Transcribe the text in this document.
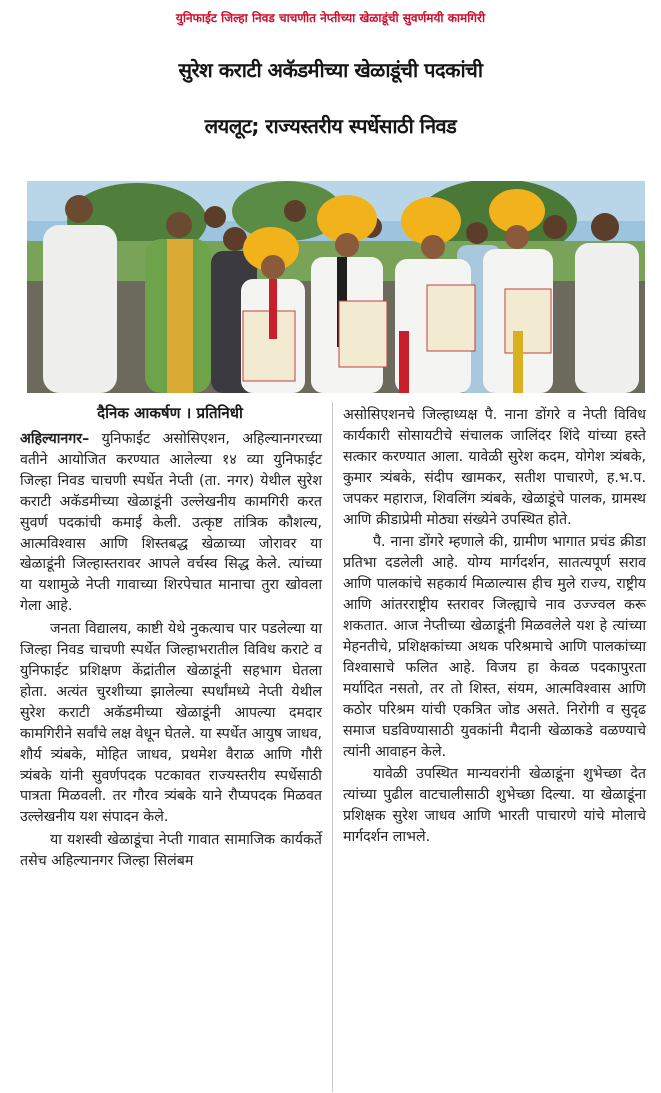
युनिफाईट जिल्हा निवड चाचणीत नेप्तीच्या खेळाडूंची सुवर्णमयी कामगिरी
सुरेश कराटी अकॅडमीच्या खेळाडूंची पदकांची
लयलूट; राज्यस्तरीय स्पर्धेसाठी निवड
दैनिक आकर्षण । प्रतिनिधी

अहिल्यानगर– युनिफाईट असोसिएशन, अहिल्यानगरच्या वतीने आयोजित करण्यात आलेल्या १४ व्या युनिफाईट जिल्हा निवड चाचणी स्पर्धेत नेप्ती (ता. नगर) येथील सुरेश कराटी अकॅडमीच्या खेळाडूंनी उल्लेखनीय कामगिरी करत सुवर्ण पदकांची कमाई केली. उत्कृष्ट तांत्रिक कौशल्य, आत्मविश्वास आणि शिस्तबद्ध खेळाच्या जोरावर या खेळाडूंनी जिल्हास्तरावर आपले वर्चस्व सिद्ध केले. त्यांच्या या यशामुळे नेप्ती गावाच्या शिरपेचात मानाचा तुरा खोवला गेला आहे.

जनता विद्यालय, काष्टी येथे नुकत्याच पार पडलेल्या या जिल्हा निवड चाचणी स्पर्धेत जिल्हाभरातील विविध कराटे व युनिफाईट प्रशिक्षण केंद्रांतील खेळाडूंनी सहभाग घेतला होता. अत्यंत चुरशीच्या झालेल्या स्पर्धांमध्ये नेप्ती येथील सुरेश कराटी अकॅडमीच्या खेळाडूंनी आपल्या दमदार कामगिरीने सर्वांचे लक्ष वेधून घेतले. या स्पर्धेत आयुष जाधव, शौर्य त्र्यंबके, मोहित जाधव, प्रथमेश वैराळ आणि गौरी त्र्यंबके यांनी सुवर्णपदक पटकावत राज्यस्तरीय स्पर्धेसाठी पात्रता मिळवली. तर गौरव त्र्यंबके याने रौप्यपदक मिळवत उल्लेखनीय यश संपादन केले.

या यशस्वी खेळाडूंचा नेप्ती गावात सामाजिक कार्यकर्ते तसेच अहिल्यानगर जिल्हा सिलंबम

असोसिएशनचे जिल्हाध्यक्ष पै. नाना डोंगरे व नेप्ती विविध कार्यकारी सोसायटीचे संचालक जालिंदर शिंदे यांच्या हस्ते सत्कार करण्यात आला. यावेळी सुरेश कदम, योगेश त्र्यंबके, कुमार त्र्यंबके, संदीप खामकर, सतीश पाचारणे, ह.भ.प. जपकर महाराज, शिवलिंग त्र्यंबके, खेळाडूंचे पालक, ग्रामस्थ आणि क्रीडाप्रेमी मोठ्या संख्येने उपस्थित होते.

पै. नाना डोंगरे म्हणाले की, ग्रामीण भागात प्रचंड क्रीडा प्रतिभा दडलेली आहे. योग्य मार्गदर्शन, सातत्यपूर्ण सराव आणि पालकांचे सहकार्य मिळाल्यास हीच मुले राज्य, राष्ट्रीय आणि आंतरराष्ट्रीय स्तरावर जिल्ह्याचे नाव उज्ज्वल करू शकतात. आज नेप्तीच्या खेळाडूंनी मिळवलेले यश हे त्यांच्या मेहनतीचे, प्रशिक्षकांच्या अथक परिश्रमाचे आणि पालकांच्या विश्वासाचे फलित आहे. विजय हा केवळ पदकापुरता मर्यादित नसतो, तर तो शिस्त, संयम, आत्मविश्वास आणि कठोर परिश्रम यांची एकत्रित जोड असते. निरोगी व सुदृढ समाज घडविण्यासाठी युवकांनी मैदानी खेळाकडे वळण्याचे त्यांनी आवाहन केले.

यावेळी उपस्थित मान्यवरांनी खेळाडूंना शुभेच्छा देत त्यांच्या पुढील वाटचालीसाठी शुभेच्छा दिल्या. या खेळाडूंना प्रशिक्षक सुरेश जाधव आणि भारती पाचारणे यांचे मोलाचे मार्गदर्शन लाभले.
